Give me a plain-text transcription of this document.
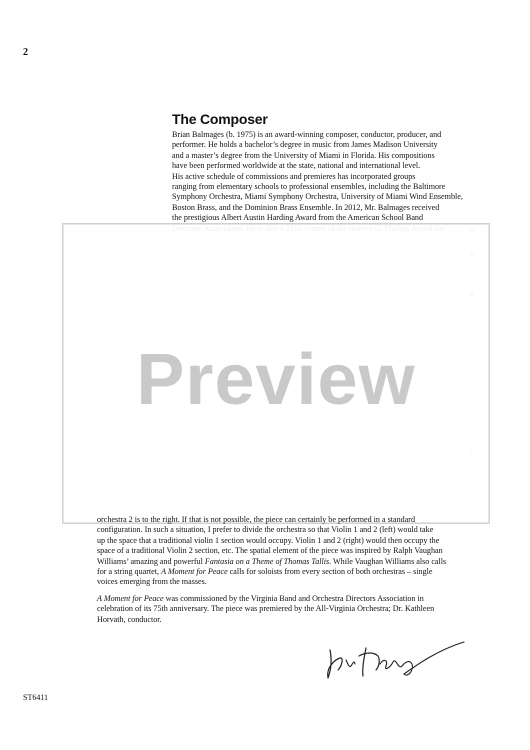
2
The Composer
Brian Balmages (b. 1975) is an award-winning composer, conductor, producer, and
performer. He holds a bachelor’s degree in music from James Madison University
and a master’s degree from the University of Miami in Florida. His compositions
have been performed worldwide at the state, national and international level.
His active schedule of commissions and premieres has incorporated groups
ranging from elementary schools to professional ensembles, including the Baltimore
Symphony Orchestra, Miami Symphony Orchestra, University of Miami Wind Ensemble,
Boston Brass, and the Dominion Brass Ensemble. In 2012, Mr. Balmages received
the prestigious Albert Austin Harding Award from the American School Band
Preview
orchestra 2 is to the right. If that is not possible, the piece can certainly be performed in a standard
configuration. In such a situation, I prefer to divide the orchestra so that Violin 1 and 2 (left) would take
up the space that a traditional violin 1 section would occupy. Violin 1 and 2 (right) would then occupy the
space of a traditional Violin 2 section, etc. The spatial element of the piece was inspired by Ralph Vaughan
Williams’ amazing and powerful Fantasia on a Theme of Thomas Tallis. While Vaughan Williams also calls
for a string quartet, A Moment for Peace calls for soloists from every section of both orchestras – single
voices emerging from the masses.
A Moment for Peace was commissioned by the Virginia Band and Orchestra Directors Association in
celebration of its 75th anniversary. The piece was premiered by the All-Virginia Orchestra; Dr. Kathleen
Horvath, conductor.
ST6411
